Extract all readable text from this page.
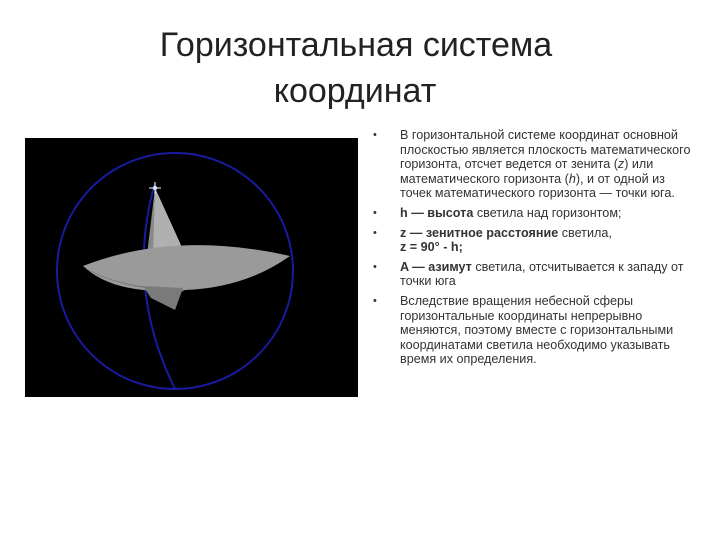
Горизонтальная система
координат
•	В горизонтальной системе координат основной плоскостью является плоскость математического горизонта, отсчет ведется от зенита (z) или математического горизонта (h), и от одной из точек математического горизонта — точки юга.
•	h — высота светила над горизонтом;
•	z — зенитное расстояние светила,
z = 90° - h;
•	A — азимут светила, отсчитывается к западу от точки юга
•	Вследствие вращения небесной сферы горизонтальные координаты непрерывно меняются, поэтому вместе с горизонтальными координатами светила необходимо указывать время их определения.
